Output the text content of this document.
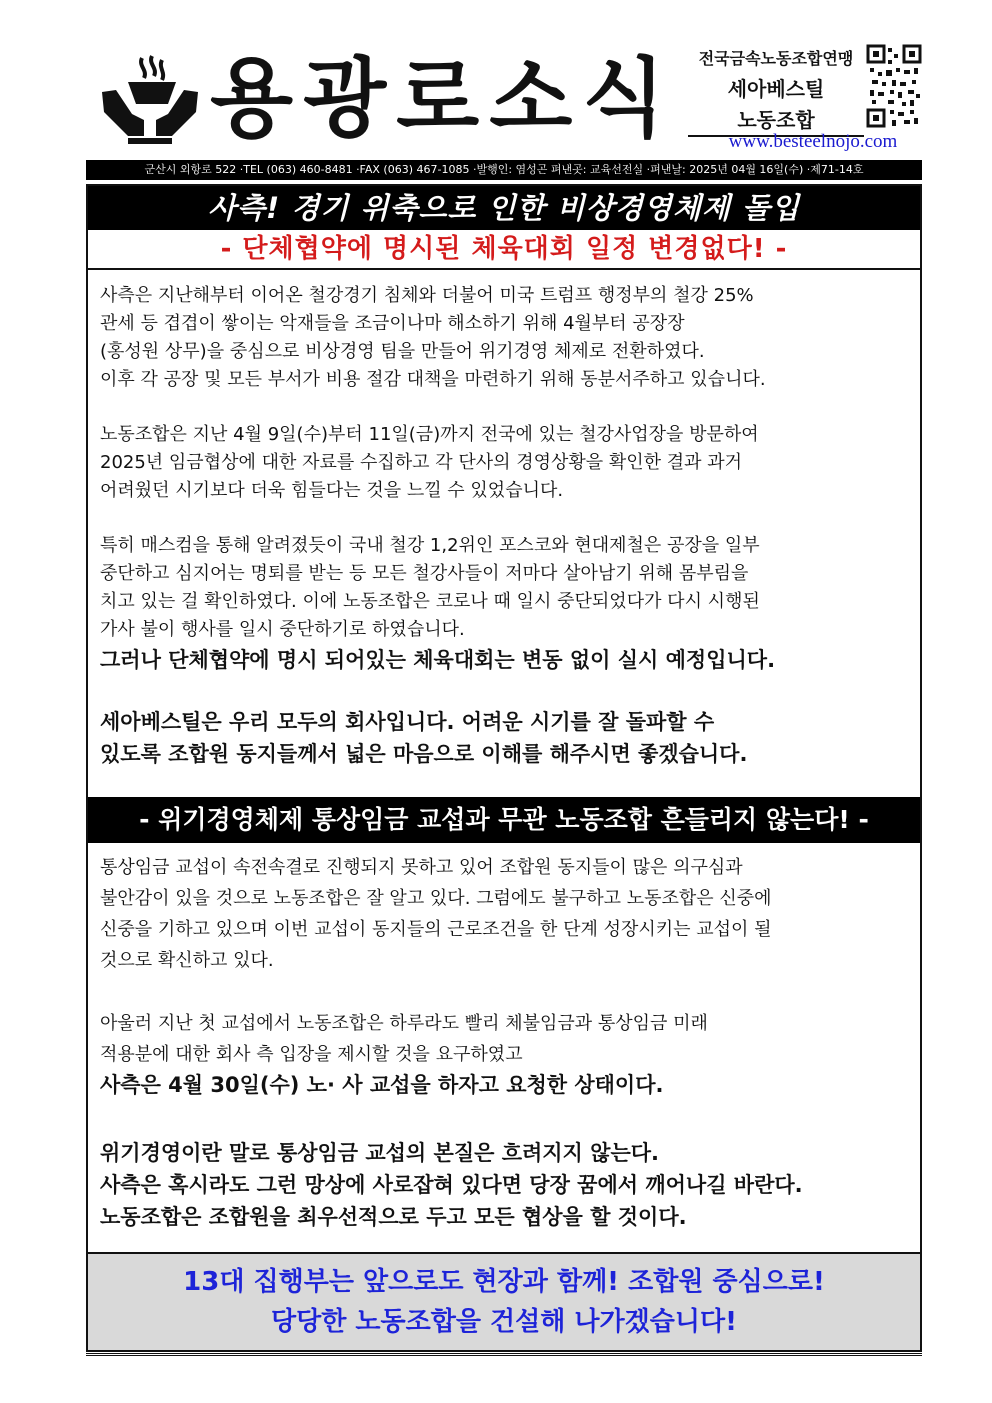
용광로소식	전국금속노동조합연맹
세아베스틸
노동조합
www.besteelnojo.com
군산시 외항로 522 ·TEL (063) 460-8481 ·FAX (063) 467-1085 ·발행인: 염성곤 펴낸곳: 교육선전실 ·펴낸날: 2025년 04월 16일(수) ·제71-14호
사측! 경기 위축으로 인한 비상경영체제 돌입
- 단체협약에 명시된 체육대회 일정 변경없다! -

사측은 지난해부터 이어온 철강경기 침체와 더불어 미국 트럼프 행정부의 철강 25%

관세 등 겹겹이 쌓이는 악재들을 조금이나마 해소하기 위해 4월부터 공장장

(홍성원 상무)을 중심으로 비상경영 팀을 만들어 위기경영 체제로 전환하였다.

이후 각 공장 및 모든 부서가 비용 절감 대책을 마련하기 위해 동분서주하고 있습니다.

노동조합은 지난 4월 9일(수)부터 11일(금)까지 전국에 있는 철강사업장을 방문하여

2025년 임금협상에 대한 자료를 수집하고 각 단사의 경영상황을 확인한 결과 과거

어려웠던 시기보다 더욱 힘들다는 것을 느낄 수 있었습니다.

특히 매스컴을 통해 알려졌듯이 국내 철강 1,2위인 포스코와 현대제철은 공장을 일부

중단하고 심지어는 명퇴를 받는 등 모든 철강사들이 저마다 살아남기 위해 몸부림을

치고 있는 걸 확인하였다. 이에 노동조합은 코로나 때 일시 중단되었다가 다시 시행된

가사 불이 행사를 일시 중단하기로 하였습니다.

그러나 단체협약에 명시 되어있는 체육대회는 변동 없이 실시 예정입니다.
세아베스틸은 우리 모두의 회사입니다. 어려운 시기를 잘 돌파할 수
있도록 조합원 동지들께서 넓은 마음으로 이해를 해주시면 좋겠습니다.
- 위기경영체제 통상임금 교섭과 무관 노동조합 흔들리지 않는다! -

통상임금 교섭이 속전속결로 진행되지 못하고 있어 조합원 동지들이 많은 의구심과

불안감이 있을 것으로 노동조합은 잘 알고 있다. 그럼에도 불구하고 노동조합은 신중에

신중을 기하고 있으며 이번 교섭이 동지들의 근로조건을 한 단계 성장시키는 교섭이 될

것으로 확신하고 있다.

아울러 지난 첫 교섭에서 노동조합은 하루라도 빨리 체불임금과 통상임금 미래

적용분에 대한 회사 측 입장을 제시할 것을 요구하였고

사측은 4월 30일(수) 노· 사 교섭을 하자고 요청한 상태이다.
위기경영이란 말로 통상임금 교섭의 본질은 흐려지지 않는다.
사측은 혹시라도 그런 망상에 사로잡혀 있다면 당장 꿈에서 깨어나길 바란다.
노동조합은 조합원을 최우선적으로 두고 모든 협상을 할 것이다.
13대 집행부는 앞으로도 현장과 함께! 조합원 중심으로!
당당한 노동조합을 건설해 나가겠습니다!
